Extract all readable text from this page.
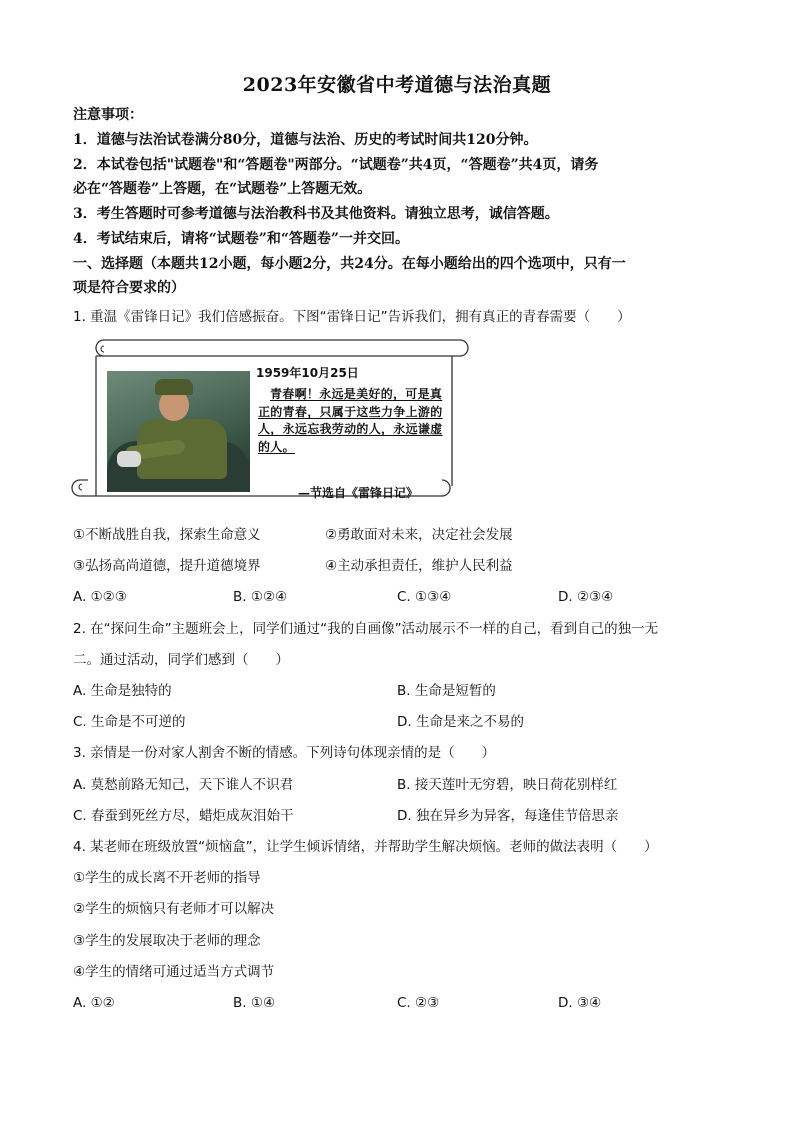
2023年安徽省中考道德与法治真题
注意事项：
1．道德与法治试卷满分80分，道德与法治、历史的考试时间共120分钟。
2．本试卷包括"试题卷"和“答题卷"两部分。“试题卷”共4页，“答题卷”共4页，请务
必在“答题卷”上答题，在“试题卷”上答题无效。
3．考生答题时可参考道德与法治教科书及其他资料。请独立思考，诚信答题。
4．考试结束后，请将“试题卷”和“答题卷”一并交回。
一、选择题（本题共12小题，每小题2分，共24分。在每小题给出的四个选项中，只有一
项是符合要求的）
1. 重温《雷锋日记》我们倍感振奋。下图“雷锋日记”告诉我们，拥有真正的青春需要（　　）
1959年10月25日
青春啊！永远是美好的，可是真正的青春，只属于这些力争上游的人，永远忘我劳动的人，永远谦虚的人。
—节选自《雷锋日记》
①不断战胜自我，探索生命意义	②勇敢面对未来，决定社会发展
③弘扬高尚道德，提升道德境界	④主动承担责任，维护人民利益
A. ①②③	B. ①②④	C. ①③④	D. ②③④
2. 在“探问生命”主题班会上，同学们通过“我的自画像”活动展示不一样的自己，看到自己的独一无
二。通过活动，同学们感到（　　）
A. 生命是独特的	B. 生命是短暂的
C. 生命是不可逆的	D. 生命是来之不易的
3. 亲情是一份对家人割舍不断的情感。下列诗句体现亲情的是（　　）
A. 莫愁前路无知己，天下谁人不识君	B. 接天莲叶无穷碧，映日荷花别样红
C. 春蚕到死丝方尽，蜡炬成灰泪始干	D. 独在异乡为异客，每逢佳节倍思亲
4. 某老师在班级放置“烦恼盒”，让学生倾诉情绪，并帮助学生解决烦恼。老师的做法表明（　　）
①学生的成长离不开老师的指导
②学生的烦恼只有老师才可以解决
③学生的发展取决于老师的理念
④学生的情绪可通过适当方式调节
A. ①②	B. ①④	C. ②③	D. ③④
